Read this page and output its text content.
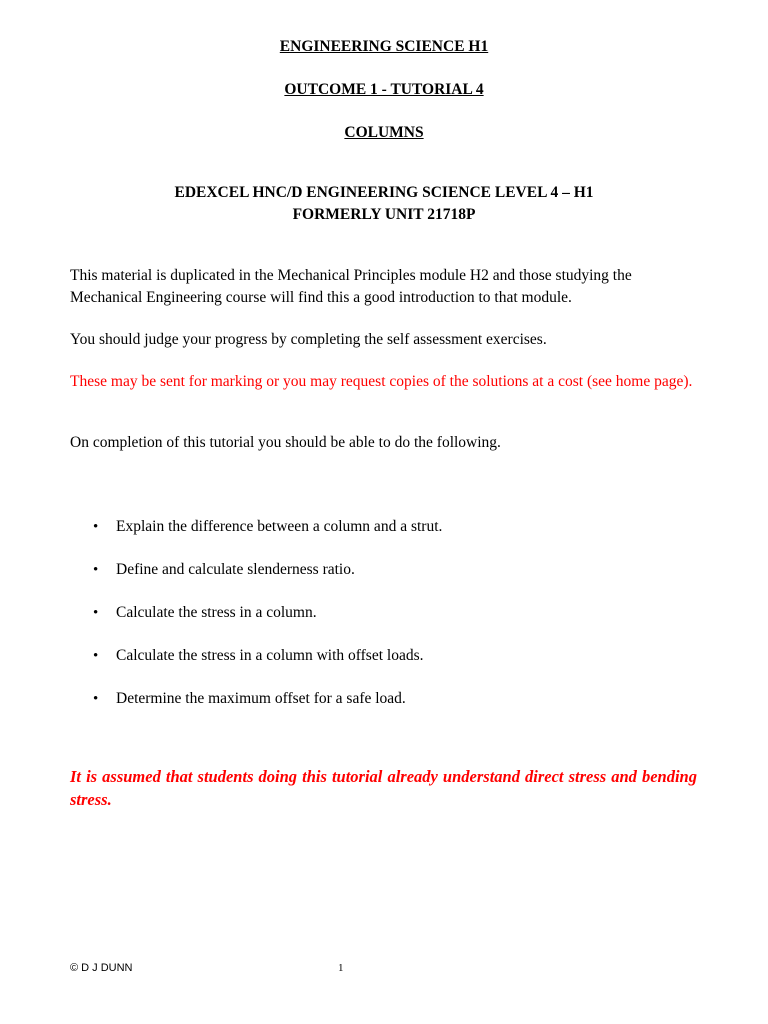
ENGINEERING SCIENCE H1

OUTCOME 1 - TUTORIAL 4

COLUMNS

EDEXCEL HNC/D ENGINEERING SCIENCE LEVEL 4 – H1

FORMERLY UNIT 21718P

This material is duplicated in the Mechanical Principles module H2 and those studying the Mechanical Engineering course will find this a good introduction to that module.

You should judge your progress by completing the self assessment exercises.

These may be sent for marking or you may request copies of the solutions at a cost (see home page).

On completion of this tutorial you should be able to do the following.

• Explain the difference between a column and a strut.
• Define and calculate slenderness ratio.
• Calculate the stress in a column.
• Calculate the stress in a column with offset loads.
• Determine the maximum offset for a safe load.

It is assumed that students doing this tutorial already understand direct stress and bending stress.

© D J DUNN	1
